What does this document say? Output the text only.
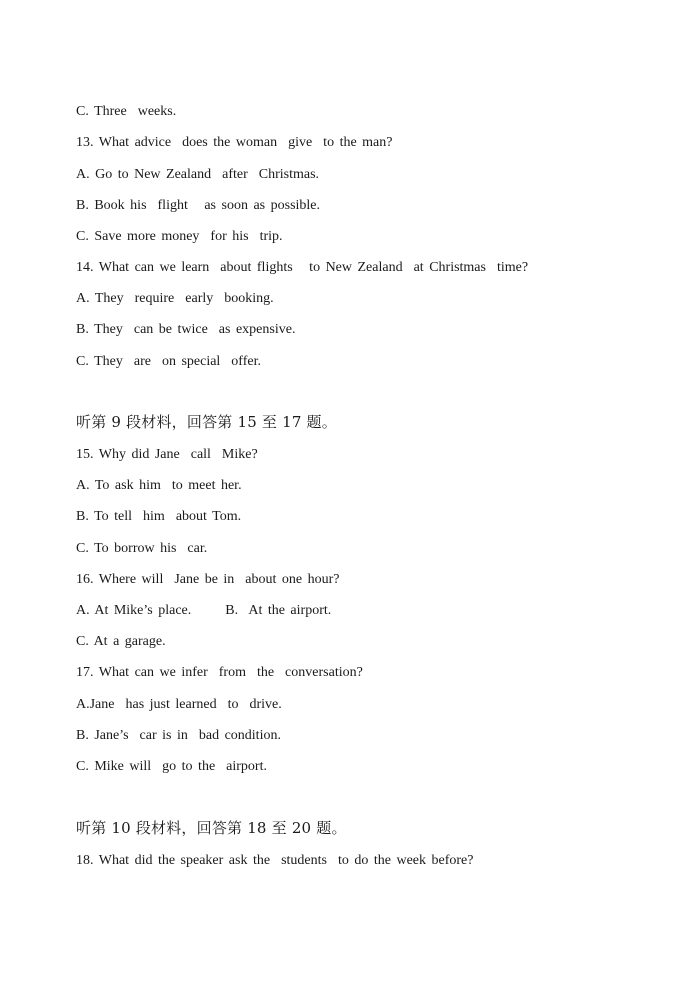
C. Three  weeks.
13. What advice  does the woman  give  to the man?
A. Go to New Zealand  after  Christmas.
B. Book his  flight   as soon as possible.
C. Save more money  for his  trip.
14. What can we learn  about flights   to New Zealand  at Christmas  time?
A. They  require  early  booking.
B. They  can be twice  as expensive.
C. They  are  on special  offer.
听第 9 段材料，回答第 15 至 17 题。
15. Why did Jane  call  Mike?
A. To ask him  to meet her.
B. To tell  him  about Tom.
C. To borrow his  car.
16. Where will  Jane be in  about one hour?
A. At Mike’s place. B.  At the airport.
C. At a garage.
17. What can we infer  from  the  conversation?
A.Jane  has just learned  to  drive.
B. Jane’s  car is in  bad condition.
C. Mike will  go to the  airport.
听第 10 段材料，回答第 18 至 20 题。
18. What did the speaker ask the  students  to do the week before?
